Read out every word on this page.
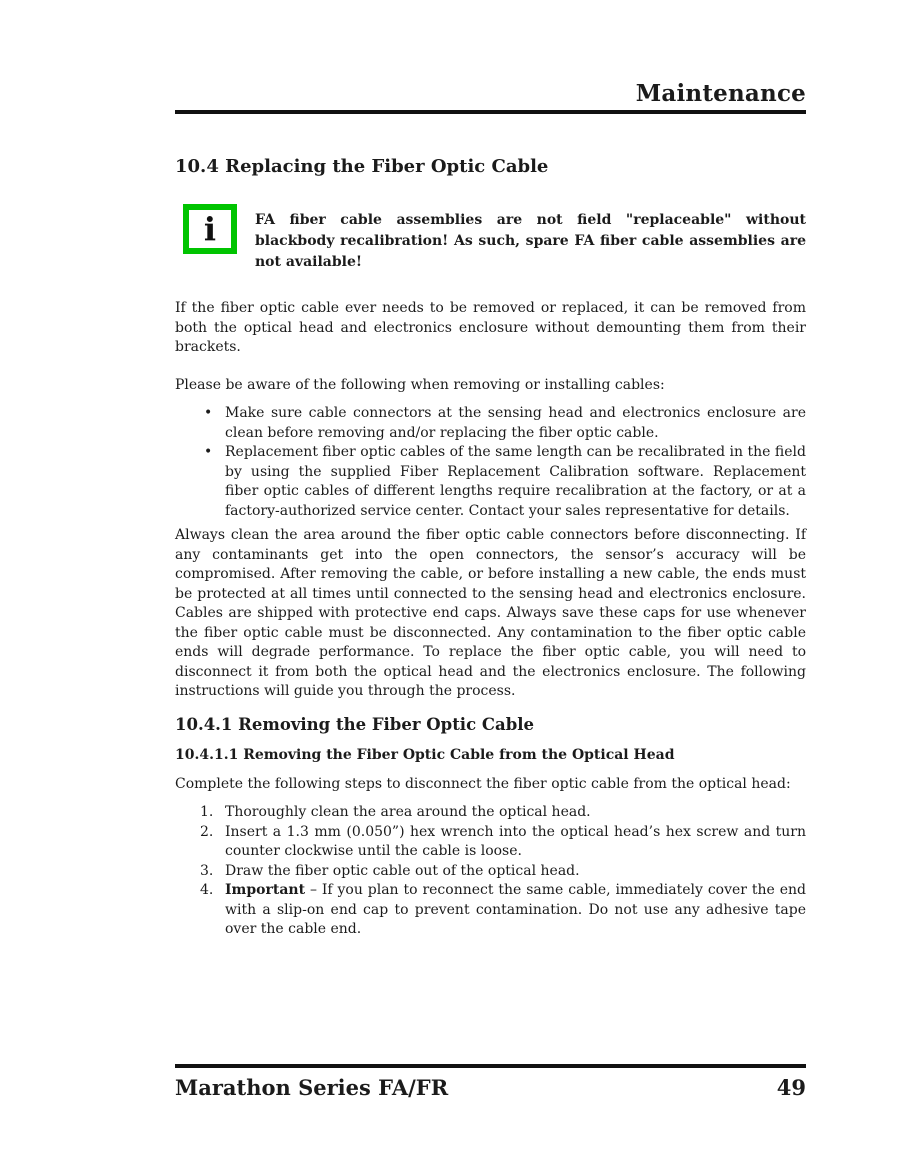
Maintenance
10.4 Replacing the Fiber Optic Cable
i	FA fiber cable assemblies are not field "replaceable" without blackbody recalibration! As such, spare FA fiber cable assemblies are not available!

If the fiber optic cable ever needs to be removed or replaced, it can be removed from both the optical head and electronics enclosure without demounting them from their brackets.

Please be aware of the following when removing or installing cables:

• Make sure cable connectors at the sensing head and electronics enclosure are clean before removing and/or replacing the fiber optic cable.
• Replacement fiber optic cables of the same length can be recalibrated in the field by using the supplied Fiber Replacement Calibration software. Replacement fiber optic cables of different lengths require recalibration at the factory, or at a factory-authorized service center. Contact your sales representative for details.

Always clean the area around the fiber optic cable connectors before disconnecting. If any contaminants get into the open connectors, the sensor’s accuracy will be compromised. After removing the cable, or before installing a new cable, the ends must be protected at all times until connected to the sensing head and electronics enclosure. Cables are shipped with protective end caps. Always save these caps for use whenever the fiber optic cable must be disconnected. Any contamination to the fiber optic cable ends will degrade performance. To replace the fiber optic cable, you will need to disconnect it from both the optical head and the electronics enclosure. The following instructions will guide you through the process.

10.4.1 Removing the Fiber Optic Cable
10.4.1.1 Removing the Fiber Optic Cable from the Optical Head

Complete the following steps to disconnect the fiber optic cable from the optical head:

1. Thoroughly clean the area around the optical head.
2. Insert a 1.3 mm (0.050”) hex wrench into the optical head’s hex screw and turn counter clockwise until the cable is loose.
3. Draw the fiber optic cable out of the optical head.
4. Important – If you plan to reconnect the same cable, immediately cover the end with a slip-on end cap to prevent contamination. Do not use any adhesive tape over the cable end.
Marathon Series FA/FR	49
